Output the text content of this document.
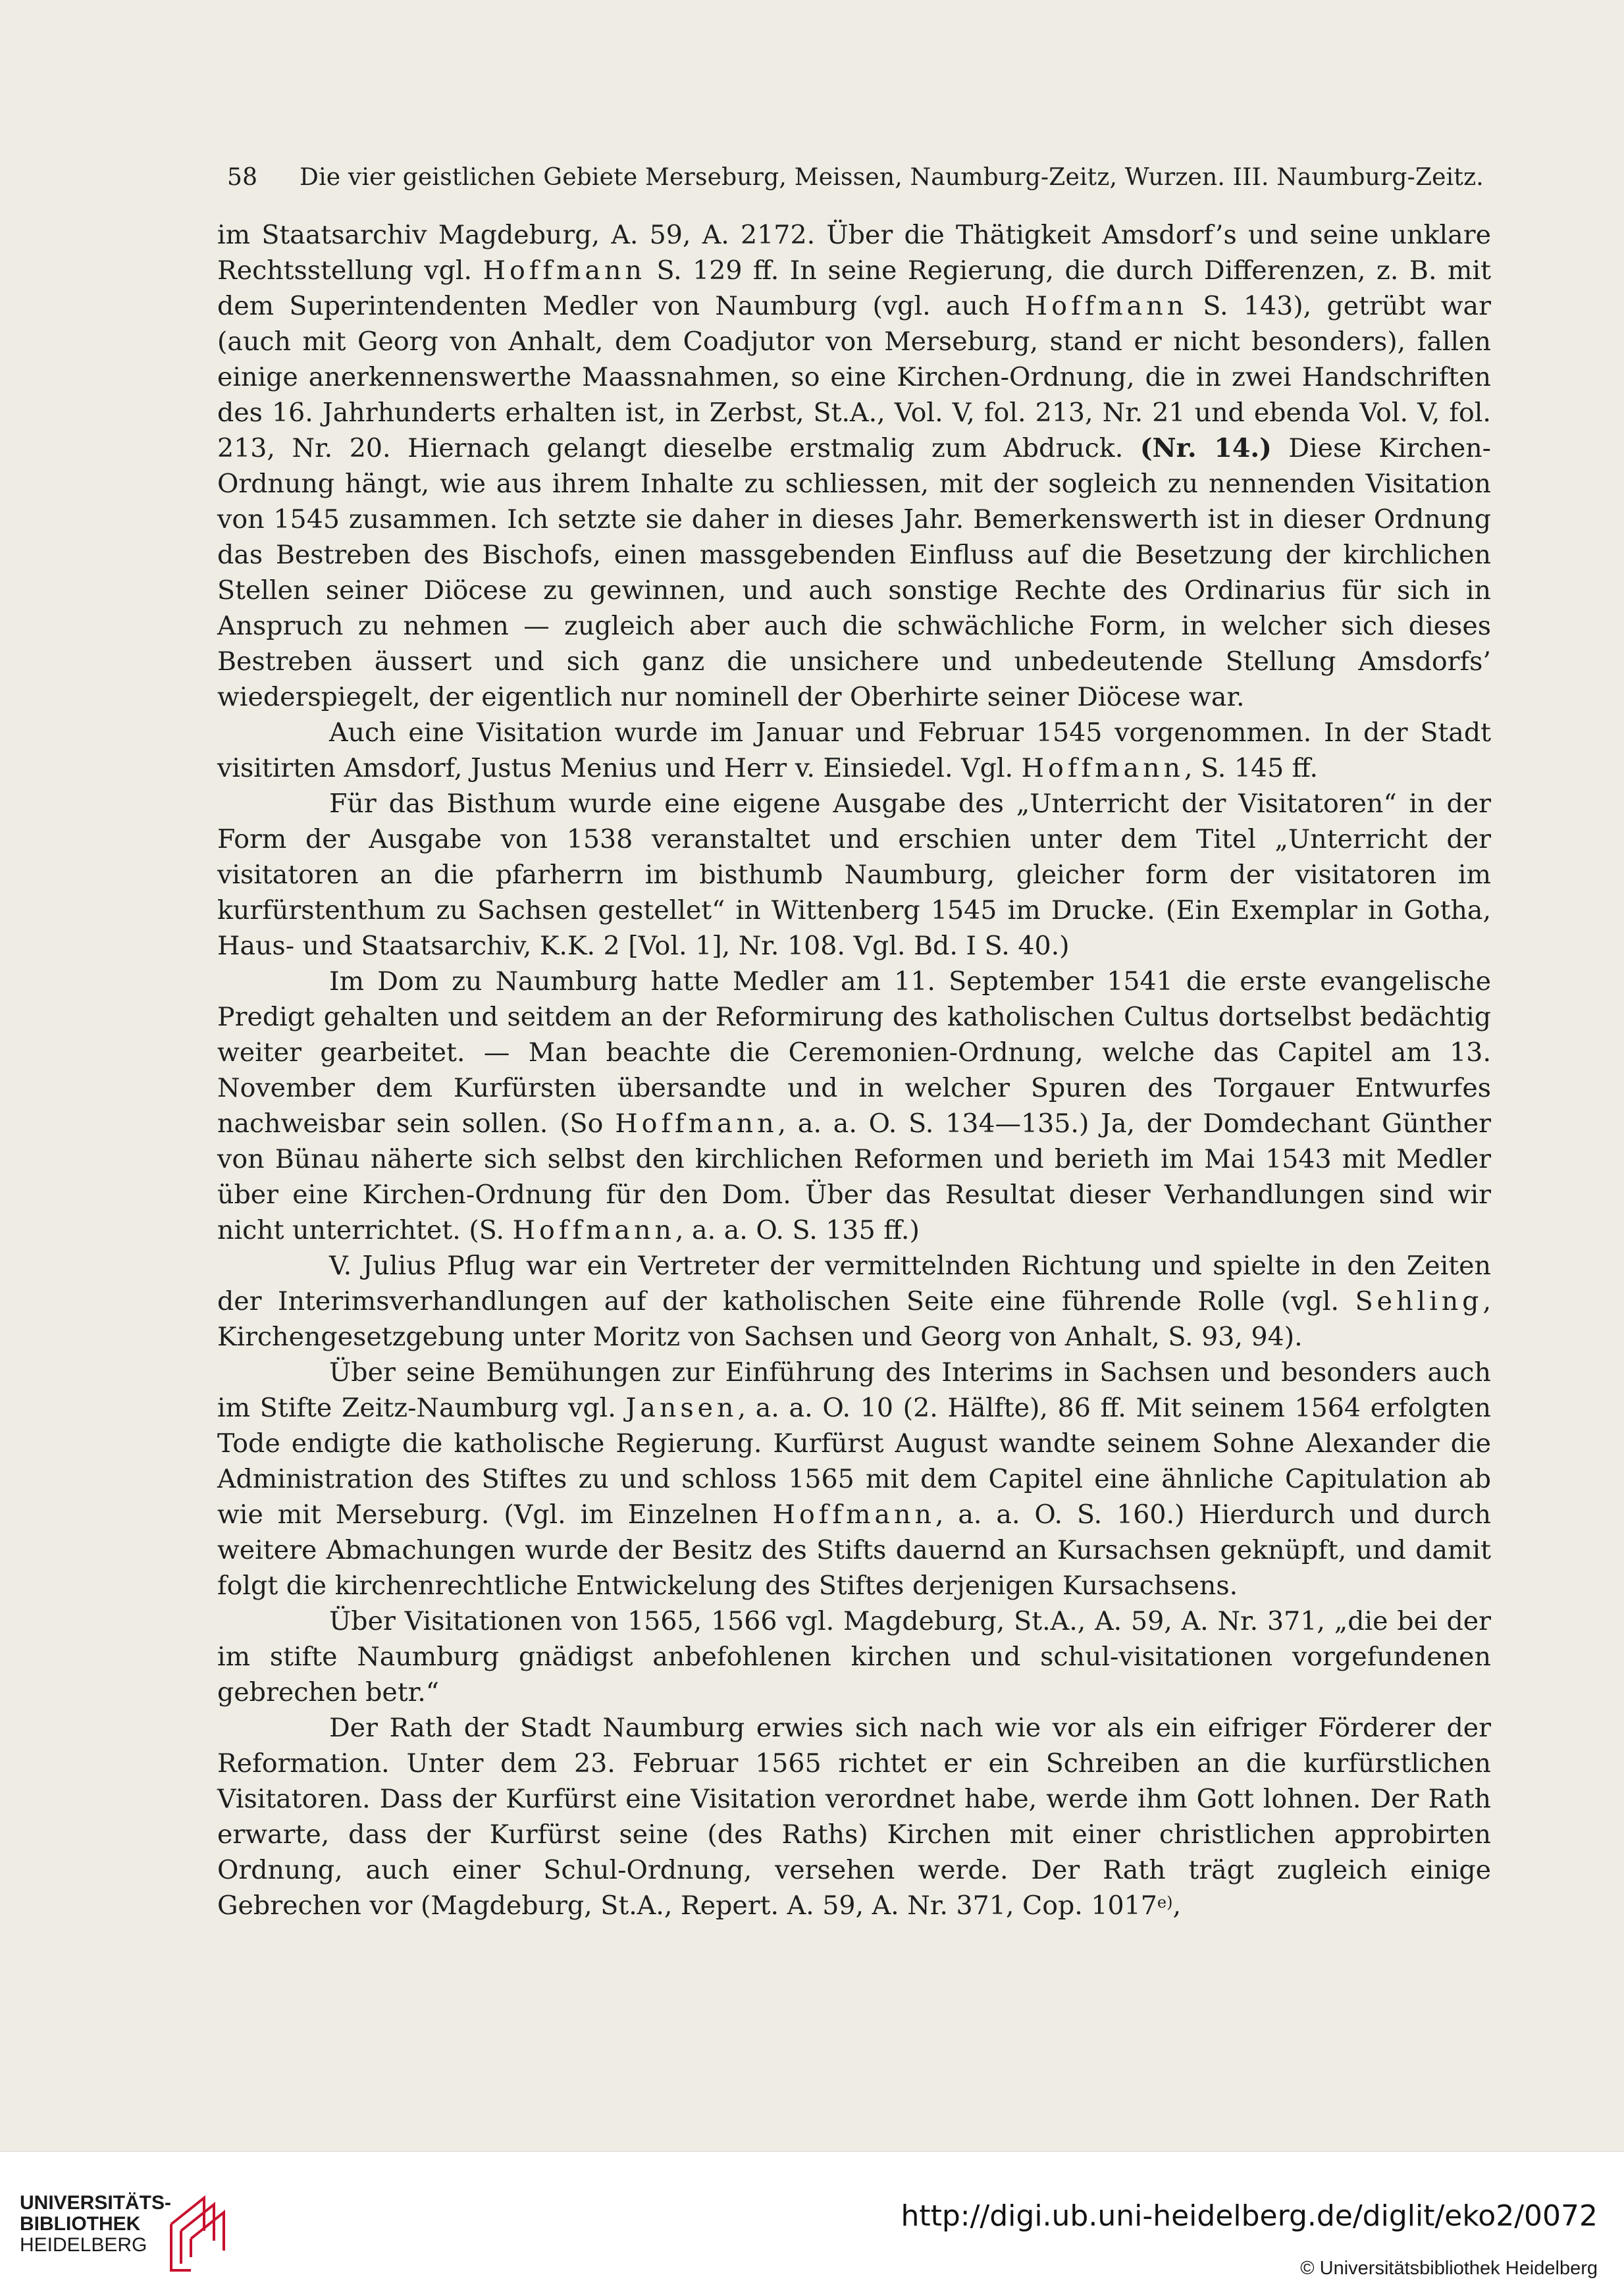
58 Die vier geistlichen Gebiete Merseburg, Meissen, Naumburg-Zeitz, Wurzen. III. Naumburg-Zeitz.

im Staatsarchiv Magdeburg, A. 59, A. 2172. Über die Thätigkeit Amsdorf’s und seine unklare Rechtsstellung vgl. Hoffmann S. 129 ff. In seine Regierung, die durch Differenzen, z. B. mit dem Superintendenten Medler von Naumburg (vgl. auch Hoffmann S. 143), getrübt war (auch mit Georg von Anhalt, dem Coadjutor von Merseburg, stand er nicht besonders), fallen einige anerkennenswerthe Maassnahmen, so eine Kirchen-Ordnung, die in zwei Handschriften des 16. Jahrhunderts erhalten ist, in Zerbst, St.A., Vol. V, fol. 213, Nr. 21 und ebenda Vol. V, fol. 213, Nr. 20. Hiernach gelangt dieselbe erstmalig zum Abdruck. (Nr. 14.) Diese Kirchen-Ordnung hängt, wie aus ihrem Inhalte zu schliessen, mit der sogleich zu nennenden Visitation von 1545 zusammen. Ich setzte sie daher in dieses Jahr. Bemerkenswerth ist in dieser Ordnung das Bestreben des Bischofs, einen massgebenden Einfluss auf die Besetzung der kirchlichen Stellen seiner Diöcese zu gewinnen, und auch sonstige Rechte des Ordinarius für sich in Anspruch zu nehmen — zugleich aber auch die schwächliche Form, in welcher sich dieses Bestreben äussert und sich ganz die unsichere und unbedeutende Stellung Amsdorfs’ wiederspiegelt, der eigentlich nur nominell der Oberhirte seiner Diöcese war.

Auch eine Visitation wurde im Januar und Februar 1545 vorgenommen. In der Stadt visitirten Amsdorf, Justus Menius und Herr v. Einsiedel. Vgl. Hoffmann, S. 145 ff.

Für das Bisthum wurde eine eigene Ausgabe des „Unterricht der Visitatoren“ in der Form der Ausgabe von 1538 veranstaltet und erschien unter dem Titel „Unterricht der visitatoren an die pfarherrn im bisthumb Naumburg, gleicher form der visitatoren im kurfürstenthum zu Sachsen gestellet“ in Wittenberg 1545 im Drucke. (Ein Exemplar in Gotha, Haus- und Staatsarchiv, K.K. 2 [Vol. 1], Nr. 108. Vgl. Bd. I S. 40.)

Im Dom zu Naumburg hatte Medler am 11. September 1541 die erste evangelische Predigt gehalten und seitdem an der Reformirung des katholischen Cultus dortselbst bedächtig weiter gearbeitet. — Man beachte die Ceremonien-Ordnung, welche das Capitel am 13. November dem Kurfürsten übersandte und in welcher Spuren des Torgauer Entwurfes nachweisbar sein sollen. (So Hoffmann, a. a. O. S. 134—135.) Ja, der Domdechant Günther von Bünau näherte sich selbst den kirchlichen Reformen und berieth im Mai 1543 mit Medler über eine Kirchen-Ordnung für den Dom. Über das Resultat dieser Verhandlungen sind wir nicht unterrichtet. (S. Hoffmann, a. a. O. S. 135 ff.)

V. Julius Pflug war ein Vertreter der vermittelnden Richtung und spielte in den Zeiten der Interimsverhandlungen auf der katholischen Seite eine führende Rolle (vgl. Sehling, Kirchengesetzgebung unter Moritz von Sachsen und Georg von Anhalt, S. 93, 94).

Über seine Bemühungen zur Einführung des Interims in Sachsen und besonders auch im Stifte Zeitz-Naumburg vgl. Jansen, a. a. O. 10 (2. Hälfte), 86 ff. Mit seinem 1564 erfolgten Tode endigte die katholische Regierung. Kurfürst August wandte seinem Sohne Alexander die Administration des Stiftes zu und schloss 1565 mit dem Capitel eine ähnliche Capitulation ab wie mit Merseburg. (Vgl. im Einzelnen Hoffmann, a. a. O. S. 160.) Hierdurch und durch weitere Abmachungen wurde der Besitz des Stifts dauernd an Kursachsen geknüpft, und damit folgt die kirchenrechtliche Entwickelung des Stiftes derjenigen Kursachsens.

Über Visitationen von 1565, 1566 vgl. Magdeburg, St.A., A. 59, A. Nr. 371, „die bei der im stifte Naumburg gnädigst anbefohlenen kirchen und schul-visitationen vorgefundenen gebrechen betr.“

Der Rath der Stadt Naumburg erwies sich nach wie vor als ein eifriger Förderer der Reformation. Unter dem 23. Februar 1565 richtet er ein Schreiben an die kurfürstlichen Visitatoren. Dass der Kurfürst eine Visitation verordnet habe, werde ihm Gott lohnen. Der Rath erwarte, dass der Kurfürst seine (des Raths) Kirchen mit einer christlichen approbirten Ordnung, auch einer Schul-Ordnung, versehen werde. Der Rath trägt zugleich einige Gebrechen vor (Magdeburg, St.A., Repert. A. 59, A. Nr. 371, Cop. 1017$^{e)}$,

UNIVERSITÄTS-
BIBLIOTHEK
HEIDELBERG
http://digi.ub.uni-heidelberg.de/diglit/eko2/0072
© Universitätsbibliothek Heidelberg
